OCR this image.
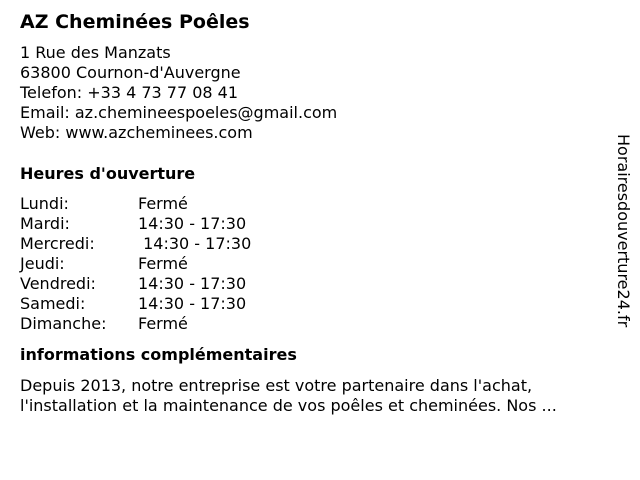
AZ Cheminées Poêles
1 Rue des Manzats
63800 Cournon-d'Auvergne
Telefon: +33 4 73 77 08 41
Email: az.chemineespoeles@gmail.com
Web: www.azcheminees.com
Heures d'ouverture
Lundi:	Fermé
Mardi:	14:30 - 17:30
Mercredi:	14:30 - 17:30
Jeudi:	Fermé
Vendredi:	14:30 - 17:30
Samedi:	14:30 - 17:30
Dimanche:	Fermé
informations complémentaires
Depuis 2013, notre entreprise est votre partenaire dans l'achat,
l'installation et la maintenance de vos poêles et cheminées. Nos ...
Horairesdouverture24.fr
